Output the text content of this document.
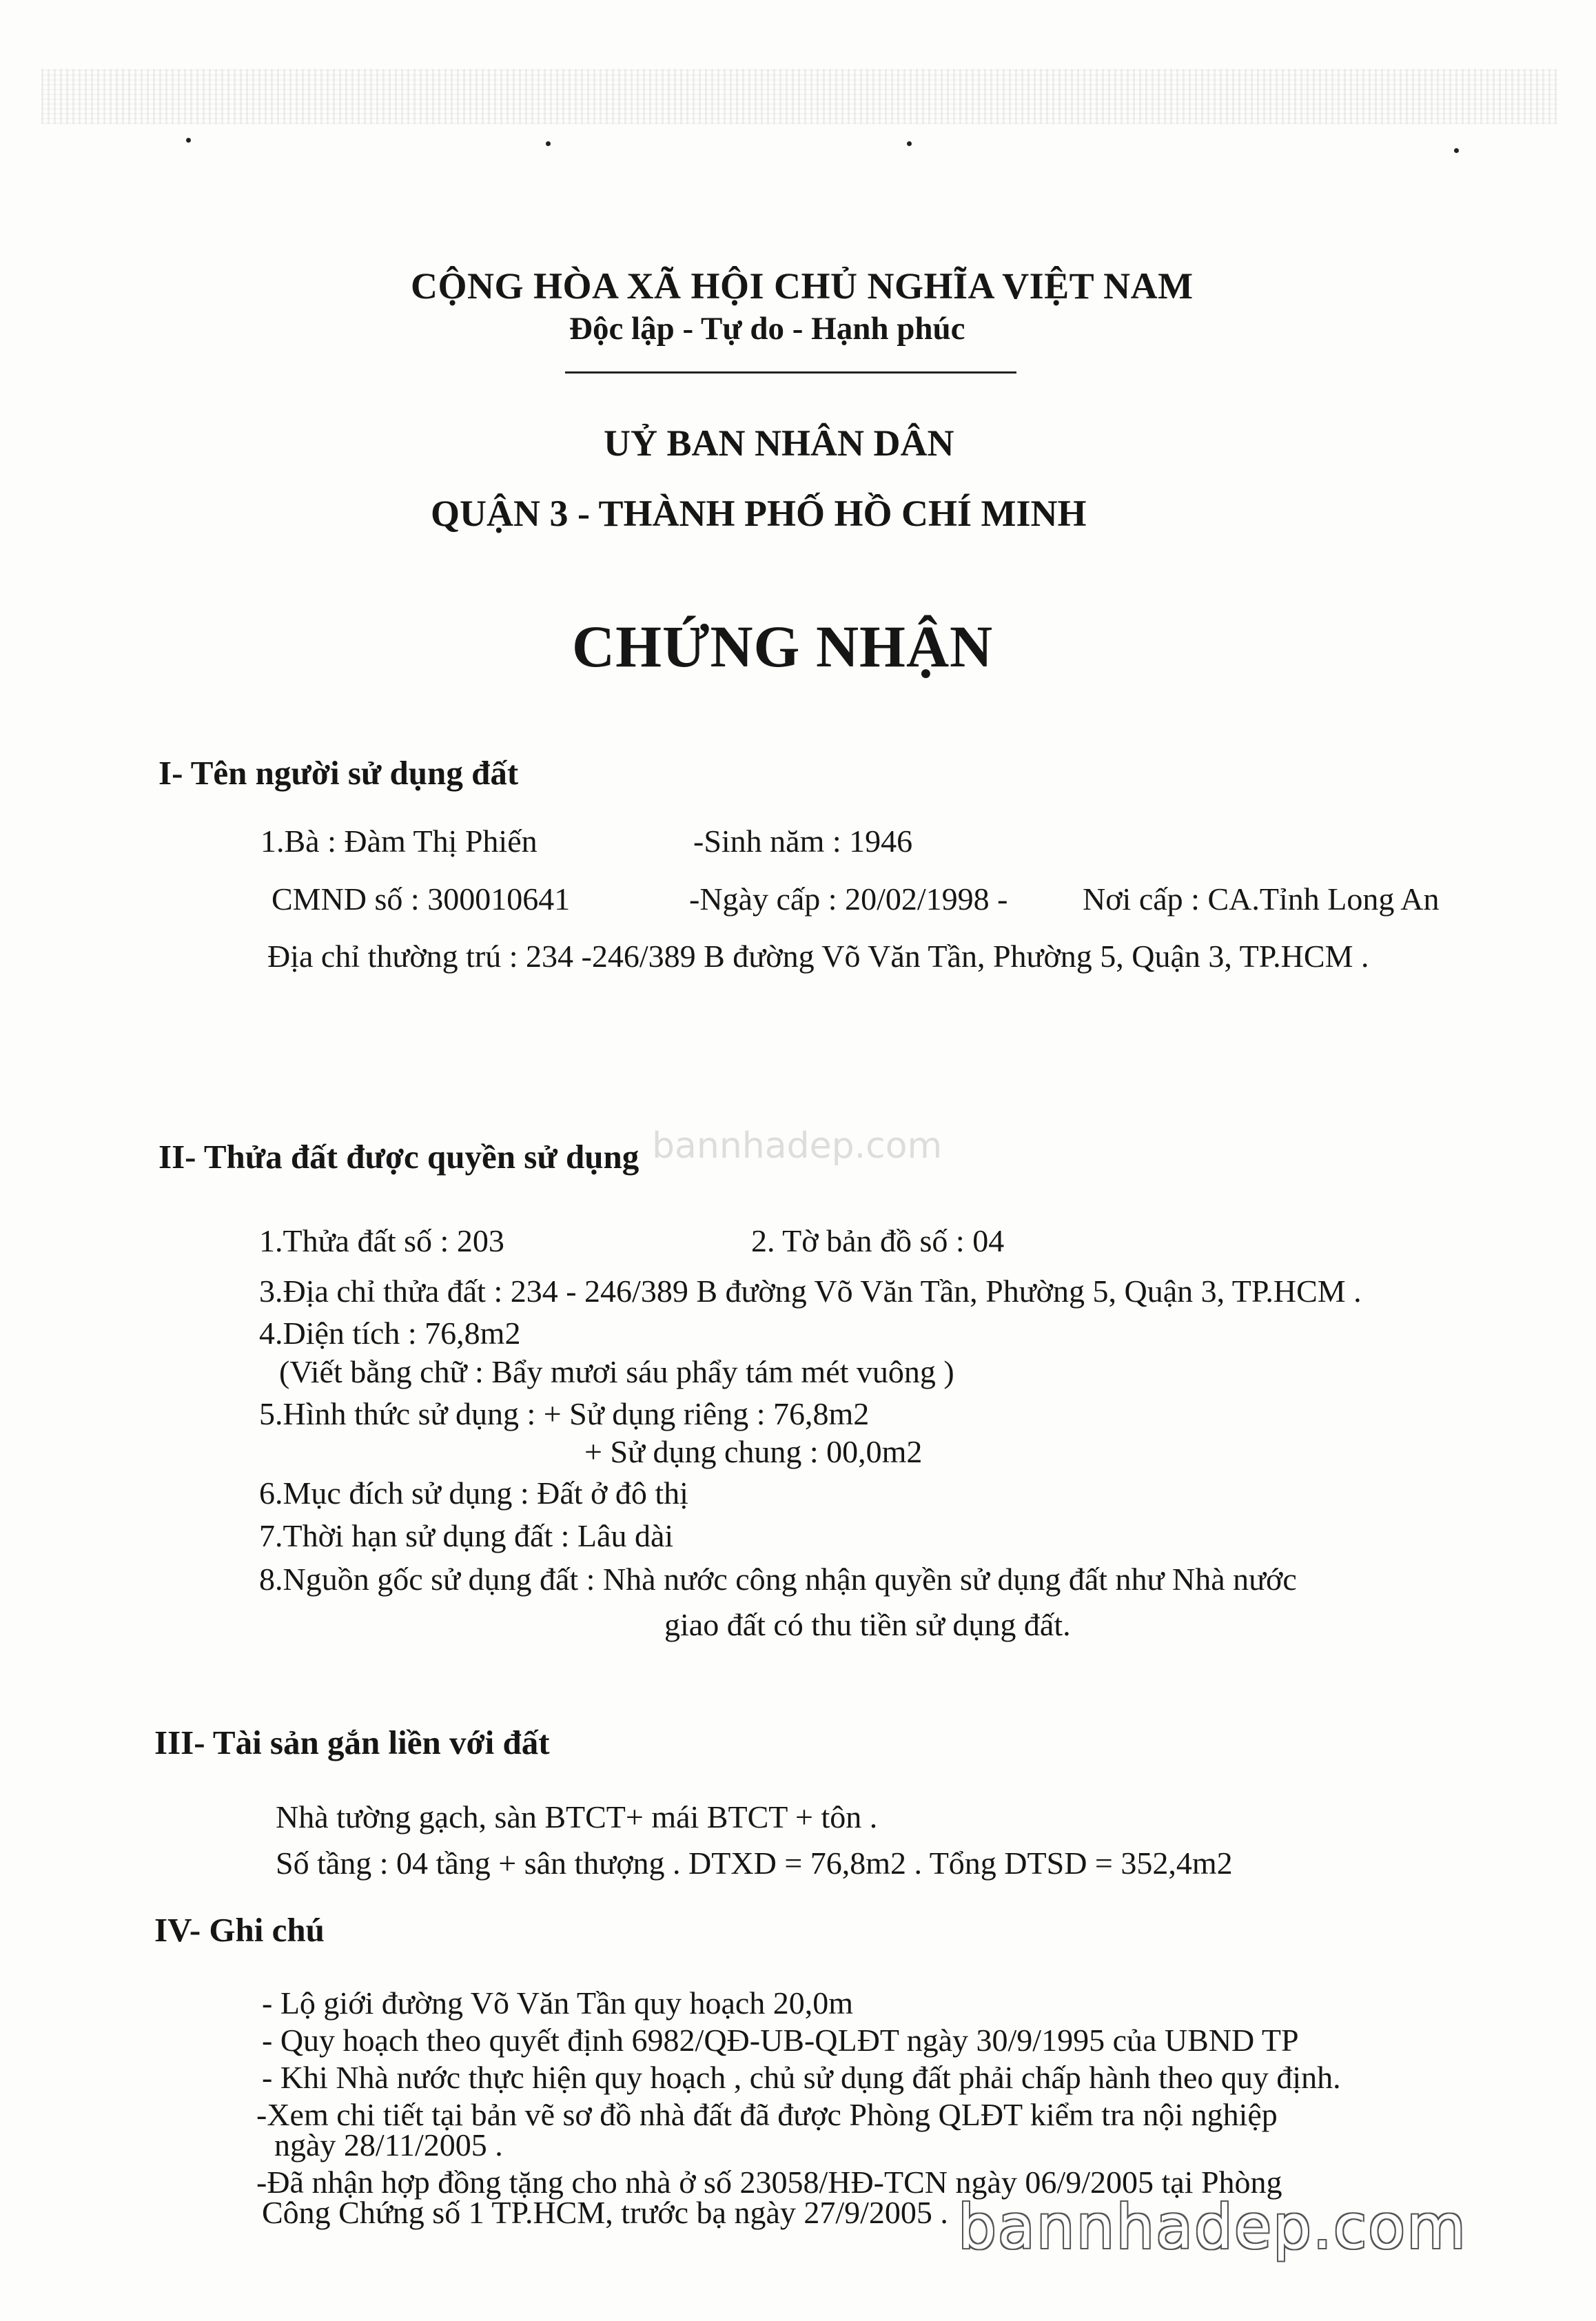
CỘNG HÒA XÃ HỘI CHỦ NGHĨA VIỆT NAM
Độc lập - Tự do - Hạnh phúc
UỶ BAN NHÂN DÂN
QUẬN 3 - THÀNH PHỐ HỒ CHÍ MINH
CHỨNG NHẬN
I- Tên người sử dụng đất
1.Bà : Đàm Thị Phiến	-Sinh năm : 1946
CMND số : 300010641	-Ngày cấp : 20/02/1998 - Nơi cấp : CA.Tỉnh Long An
Địa chỉ thường trú : 234 -246/389 B đường Võ Văn Tần, Phường 5, Quận 3, TP.HCM .
II- Thửa đất được quyền sử dụng
1.Thửa đất số : 203	2. Tờ bản đồ số : 04
3.Địa chỉ thửa đất : 234 - 246/389 B đường Võ Văn Tần, Phường 5, Quận 3, TP.HCM .
4.Diện tích : 76,8m2
(Viết bằng chữ : Bẩy mươi sáu phẩy tám mét vuông )
5.Hình thức sử dụng : + Sử dụng riêng : 76,8m2
+ Sử dụng chung : 00,0m2
6.Mục đích sử dụng : Đất ở đô thị
7.Thời hạn sử dụng đất : Lâu dài
8.Nguồn gốc sử dụng đất : Nhà nước công nhận quyền sử dụng đất như Nhà nước
giao đất có thu tiền sử dụng đất.
III- Tài sản gắn liền với đất
Nhà tường gạch, sàn BTCT+ mái BTCT + tôn .
Số tầng : 04 tầng + sân thượng . DTXD = 76,8m2 . Tổng DTSD = 352,4m2
IV- Ghi chú
- Lộ giới đường Võ Văn Tần quy hoạch 20,0m
- Quy hoạch theo quyết định 6982/QĐ-UB-QLĐT ngày 30/9/1995 của UBND TP
- Khi Nhà nước thực hiện quy hoạch , chủ sử dụng đất phải chấp hành theo quy định.
-Xem chi tiết tại bản vẽ sơ đồ nhà đất đã được Phòng QLĐT kiểm tra nội nghiệp
ngày 28/11/2005 .
-Đã nhận hợp đồng tặng cho nhà ở số 23058/HĐ-TCN ngày 06/9/2005 tại Phòng
Công Chứng số 1 TP.HCM, trước bạ ngày 27/9/2005 .
bannhadep.com
bannhadep.com
